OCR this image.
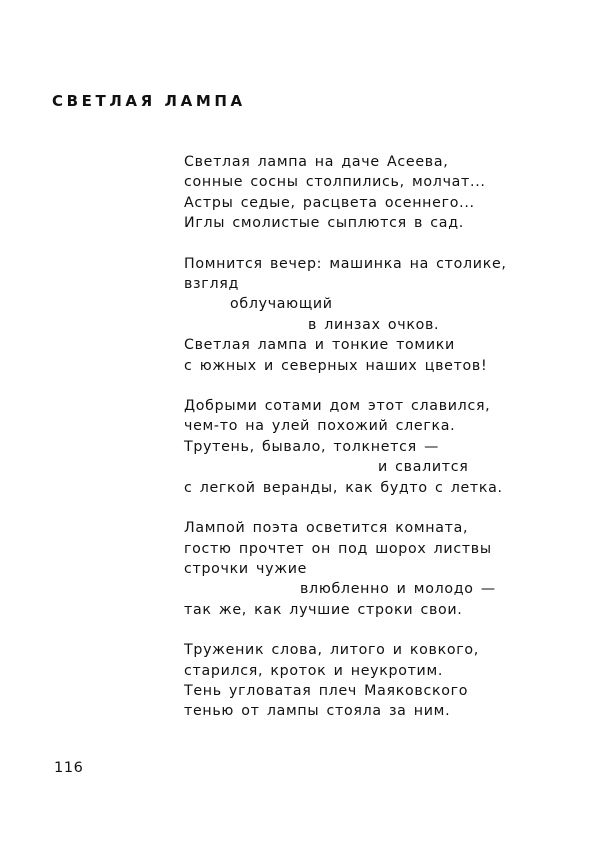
СВЕТЛАЯ ЛАМПА
Светлая лампа на даче Асеева,
сонные сосны столпились, молчат...
Астры седые, расцвета осеннего...
Иглы смолистые сыплются в сад.
Помнится вечер: машинка на столике,
взгляд
облучающий
в линзах очков.
Светлая лампа и тонкие томики
с южных и северных наших цветов!
Добрыми сотами дом этот славился,
чем-то на улей похожий слегка.
Трутень, бывало, толкнется —
и свалится
с легкой веранды, как будто с летка.
Лампой поэта осветится комната,
гостю прочтет он под шорох листвы
строчки чужие
влюбленно и молодо —
так же, как лучшие строки свои.
Труженик слова, литого и ковкого,
старился, кроток и неукротим.
Тень угловатая плеч Маяковского
тенью от лампы стояла за ним.

116
